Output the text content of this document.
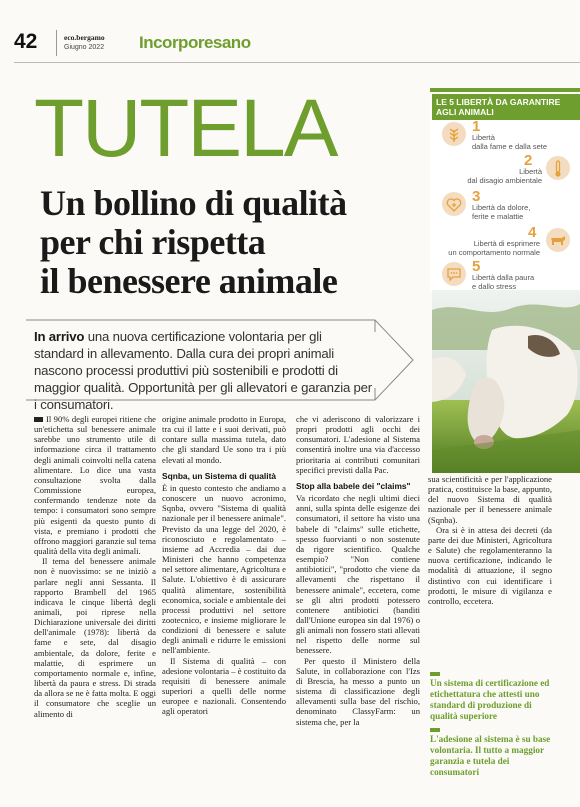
42	eco.bergamo
Giugno 2022 Incorporesano
TUTELA
Un bollino di qualità
per chi rispetta
il benessere animale
LE 5 LIBERTÀ DA GARANTIRE AGLI ANIMALI
1
Libertà
dalla fame e dalla sete
2
Libertà
dal disagio ambientale
3
Libertà da dolore,
ferite e malattie
4
Libertà di esprimere
un comportamento normale
5
Libertà dalla paura
e dallo stress
In arrivo una nuova certificazione volontaria per gli standard in allevamento. Dalla cura dei propri animali nascono processi produttivi più sostenibili e prodotti di maggior qualità. Opportunità per gli allevatori e garanzia per i consumatori.

Il 90% degli europei ritiene che un'etichetta sul benessere animale sarebbe uno strumento utile di informazione circa il trattamento degli animali coinvolti nella catena alimentare. Lo dice una vasta consultazione svolta dalla Commissione europea, confermando tendenze note da tempo: i consumatori sono sempre più esigenti da questo punto di vista, e premiano i prodotti che offrono maggiori garanzie sul tema qualità della vita degli animali.

Il tema del benessere animale non è nuovissimo: se ne iniziò a parlare negli anni Sessanta. Il rapporto Brambell del 1965 indicava le cinque libertà degli animali, poi riprese nella Dichiarazione universale dei diritti dell'animale (1978): libertà da fame e sete, dal disagio ambientale, da dolore, ferite e malattie, di esprimere un comportamento normale e, infine, libertà da paura e stress. Di strada da allora se ne è fatta molta. E oggi il consumatore che sceglie un alimento di

origine animale prodotto in Europa, tra cui il latte e i suoi derivati, può contare sulla massima tutela, dato che gli standard Ue sono tra i più elevati al mondo.

Sqnba, un Sistema di qualità

È in questo contesto che andiamo a conoscere un nuovo acronimo, Sqnba, ovvero "Sistema di qualità nazionale per il benessere animale". Previsto da una legge del 2020, è riconosciuto e regolamentato – insieme ad Accredia – dai due Ministeri che hanno competenza nel settore alimentare, Agricoltura e Salute. L'obiettivo è di assicurare qualità alimentare, sostenibilità economica, sociale e ambientale dei processi produttivi nel settore zootecnico, e insieme migliorare le condizioni di benessere e salute degli animali e ridurre le emissioni nell'ambiente.

Il Sistema di qualità – con adesione volontaria – è costituito da requisiti di benessere animale superiori a quelli delle norme europee e nazionali. Consentendo agli operatori

che vi aderiscono di valorizzare i propri prodotti agli occhi dei consumatori. L'adesione al Sistema consentirà inoltre una via d'accesso prioritaria ai contributi comunitari specifici previsti dalla Pac.

Stop alla babele dei "claims"

Va ricordato che negli ultimi dieci anni, sulla spinta delle esigenze dei consumatori, il settore ha visto una babele di "claims" sulle etichette, spesso fuorvianti o non sostenute da rigore scientifico. Qualche esempio? "Non contiene antibiotici", "prodotto che viene da allevamenti che rispettano il benessere animale", eccetera, come se gli altri prodotti potessero contenere antibiotici (banditi dall'Unione europea sin dal 1976) o gli animali non fossero stati allevati nel rispetto delle norme sul benessere.

Per questo il Ministero della Salute, in collaborazione con l'Izs di Brescia, ha messo a punto un sistema di classificazione degli allevamenti sulla base del rischio, denominato ClassyFarm: un sistema che, per la

sua scientificità e per l'applicazione pratica, costituisce la base, appunto, del nuovo Sistema di qualità nazionale per il benessere animale (Sqnba).

Ora si è in attesa dei decreti (da parte dei due Ministeri, Agricoltura e Salute) che regolamenteranno la nuova certificazione, indicando le modalità di attuazione, il segno distintivo con cui identificare i prodotti, le misure di vigilanza e controllo, eccetera.

Un sistema di certificazione ed etichettatura che attesti uno standard di produzione di qualità superiore
L'adesione al sistema è su base volontaria. Il tutto a maggior garanzia e tutela dei consumatori
